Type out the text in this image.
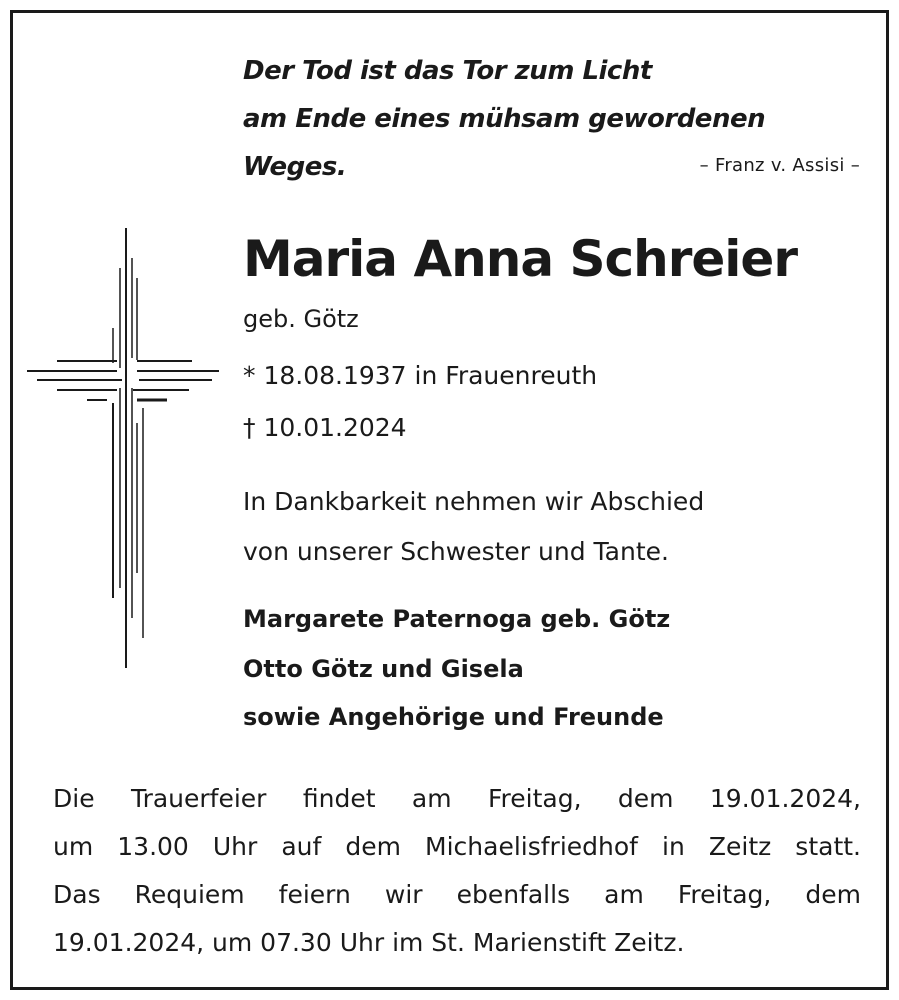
Der Tod ist das Tor zum Licht
am Ende eines mühsam gewordenen Weges.	– Franz v. Assisi –
Maria Anna Schreier
geb. Götz
* 18.08.1937 in Frauenreuth
† 10.01.2024
In Dankbarkeit nehmen wir Abschied
von unserer Schwester und Tante.
Margarete Paternoga geb. Götz
Otto Götz und Gisela
sowie Angehörige und Freunde
Die Trauerfeier findet am Freitag, dem 19.01.2024,
um 13.00 Uhr auf dem Michaelisfriedhof in Zeitz statt.
Das Requiem feiern wir ebenfalls am Freitag, dem
19.01.2024, um 07.30 Uhr im St. Marienstift Zeitz.
